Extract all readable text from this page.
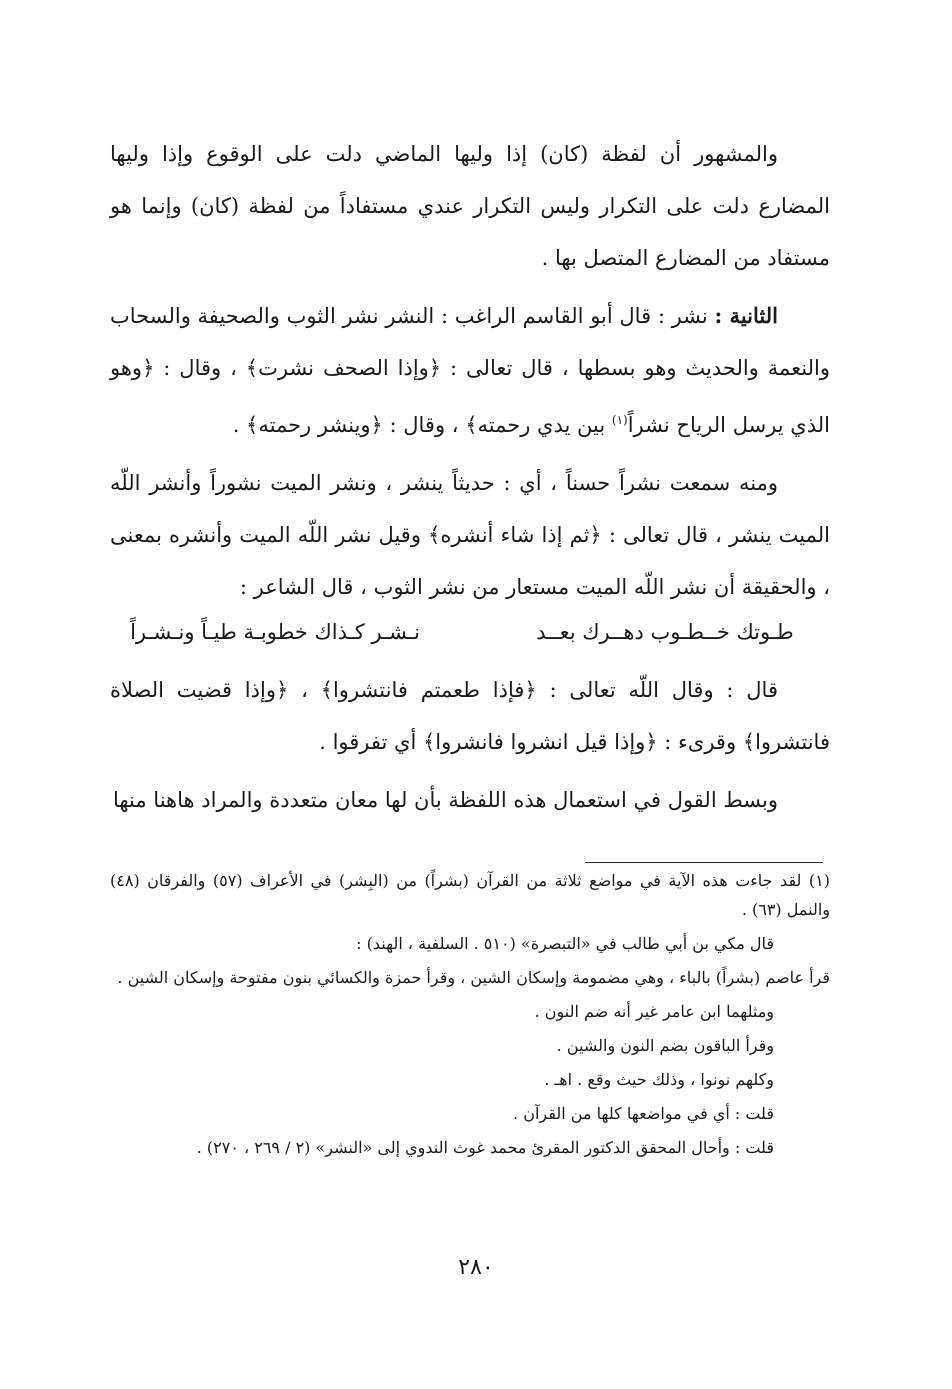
والمشهور أن لفظة (كان) إذا وليها الماضي دلت على الوقوع وإذا وليها المضارع دلت على التكرار وليس التكرار عندي مستفاداً من لفظة (كان) وإنما هو مستفاد من المضارع المتصل بها .

الثانية : نشر : قال أبو القاسم الراغب : النشر نشر الثوب والصحيفة والسحاب والنعمة والحديث وهو بسطها ، قال تعالى : ﴿وإذا الصحف نشرت﴾ ، وقال : ﴿وهو الذي يرسل الرياح نشراً$^{(١)}$ بين يدي رحمته﴾ ، وقال : ﴿وينشر رحمته﴾ .

ومنه سمعت نشراً حسناً ، أي : حديثاً ينشر ، ونشر الميت نشوراً وأنشر اللّه الميت ينشر ، قال تعالى : ﴿ثم إذا شاء أنشره﴾ وقيل نشر اللّه الميت وأنشره بمعنى ، والحقيقة أن نشر اللّه الميت مستعار من نشر الثوب ، قال الشاعر :

طـوتك خــطـوب دهــرك بعــد
نـشـر كـذاك خطوبـة طيـاً ونـشـراً

قال : وقال اللّه تعالى : ﴿فإذا طعمتم فانتشروا﴾ ، ﴿وإذا قضيت الصلاة فانتشروا﴾ وقرىء : ﴿وإذا قيل انشروا فانشروا﴾ أي تفرقوا .

وبسط القول في استعمال هذه اللفظة بأن لها معان متعددة والمراد هاهنا منها

(١) لقد جاءت هذه الآية في مواضع ثلاثة من القرآن (بشراً) من (البِشر) في الأعراف (٥٧) والفرقان (٤٨) والنمل (٦٣) .

قال مكي بن أبي طالب في «التبصرة» (٥١٠ . السلفية ، الهند) :

قرأ عاصم (بشراً) بالباء ، وهي مضمومة وإسكان الشين ، وقرأ حمزة والكسائي بنون مفتوحة وإسكان الشين .

ومثلهما ابن عامر غير أنه ضم النون .

وقرأ الباقون بضم النون والشين .

وكلهم نونوا ، وذلك حيث وقع . اهـ .

قلت : أي في مواضعها كلها من القرآن .

قلت : وأحال المحقق الدكتور المقرئ محمد غوث الندوي إلى «النشر» (٢ / ٢٦٩ ، ٢٧٠) .

٢٨٠
